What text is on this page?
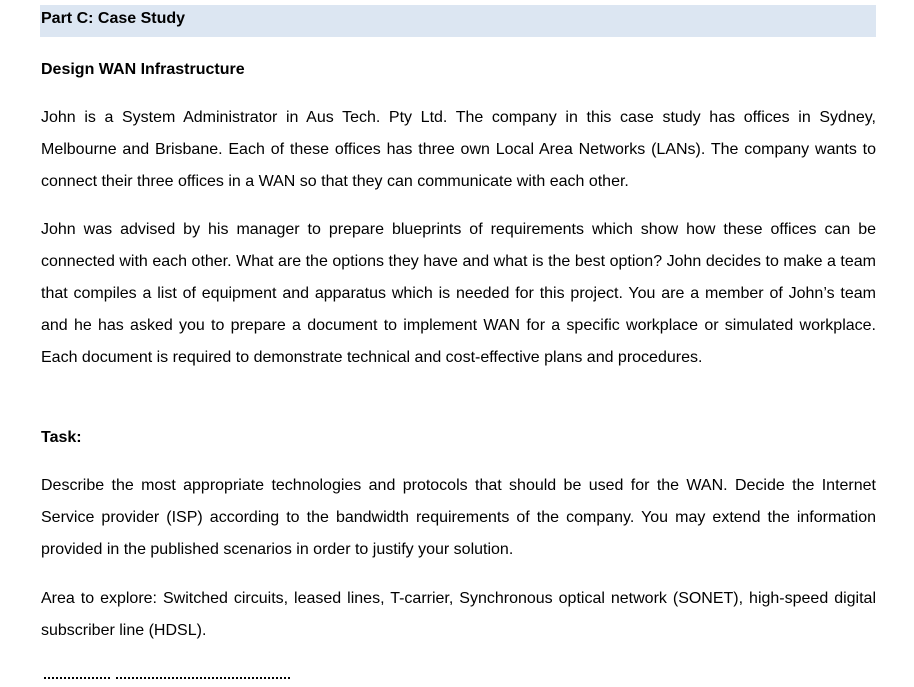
Part C: Case Study
Design WAN Infrastructure

John is a System Administrator in Aus Tech. Pty Ltd. The company in this case study has offices in Sydney, Melbourne and Brisbane. Each of these offices has three own Local Area Networks (LANs). The company wants to connect their three offices in a WAN so that they can communicate with each other.

John was advised by his manager to prepare blueprints of requirements which show how these offices can be connected with each other. What are the options they have and what is the best option? John decides to make a team that compiles a list of equipment and apparatus which is needed for this project. You are a member of John’s team and he has asked you to prepare a document to implement WAN for a specific workplace or simulated workplace. Each document is required to demonstrate technical and cost-effective plans and procedures.

Task:

Describe the most appropriate technologies and protocols that should be used for the WAN. Decide the Internet Service provider (ISP) according to the bandwidth requirements of the company. You may extend the information provided in the published scenarios in order to justify your solution.

Area to explore: Switched circuits, leased lines, T-carrier, Synchronous optical network (SONET), high-speed digital subscriber line (HDSL).
